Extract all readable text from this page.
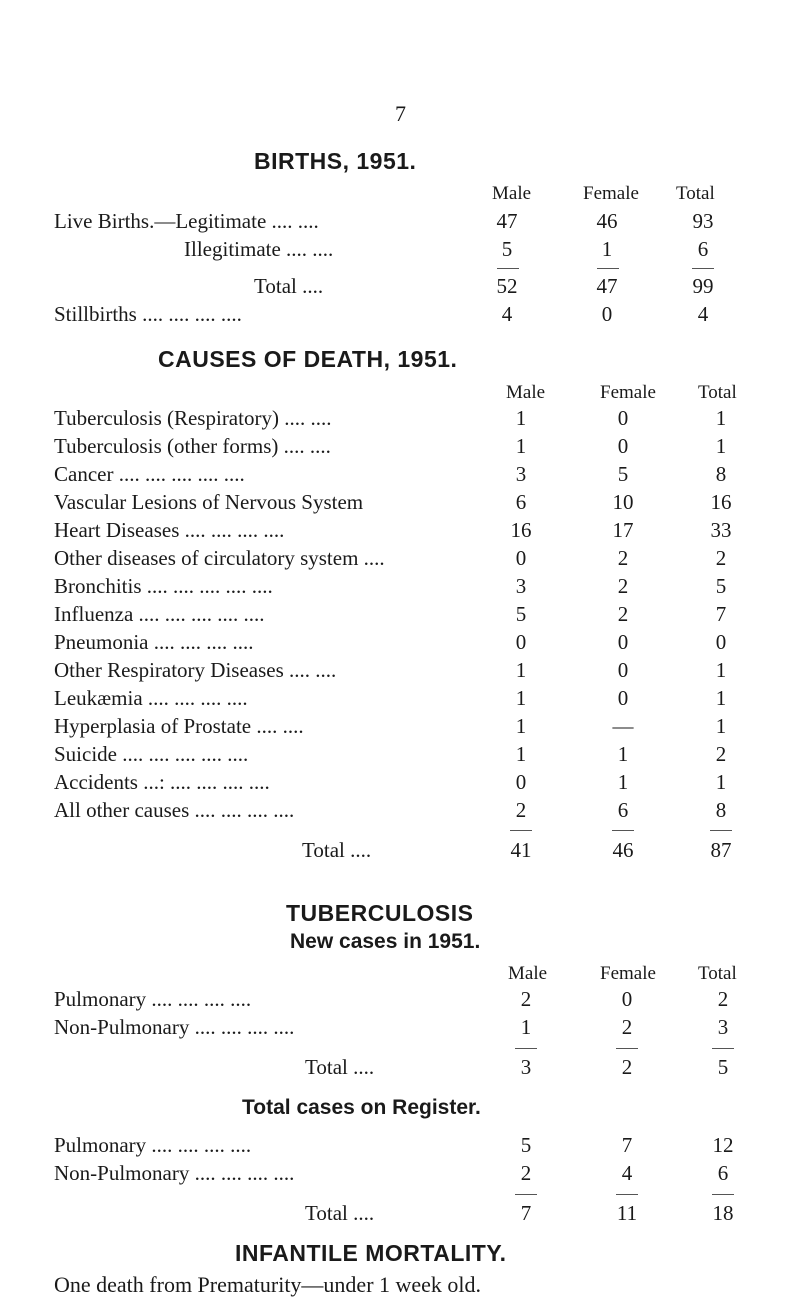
7
BIRTHS, 1951.
Male	Female Total
Live Births.—Legitimate .... ....	47	46	93
Illegitimate .... ....	5	1	6
Total ....	52	47	99
Stillbirths .... .... .... ....	4	0	4
CAUSES OF DEATH, 1951.
Male	Female Total
Tuberculosis (Respiratory) .... ....	1	0	1
Tuberculosis (other forms) .... ....	1	0	1
Cancer .... .... .... .... ....	3	5	8
Vascular Lesions of Nervous System	6	10	16
Heart Diseases .... .... .... ....	16	17	33
Other diseases of circulatory system ....	0	2	2
Bronchitis .... .... .... .... ....	3	2	5
Influenza .... .... .... .... ....	5	2	7
Pneumonia .... .... .... ....	0	0	0
Other Respiratory Diseases .... ....	1	0	1
Leukæmia .... .... .... ....	1	0	1
Hyperplasia of Prostate .... ....	1	—	1
Suicide .... .... .... .... ....	1	1	2
Accidents ...: .... .... .... ....	0	1	1
All other causes .... .... .... ....	2	6	8
Total ....	41	46	87
TUBERCULOSIS
New cases in 1951.
Male	Female Total
Pulmonary .... .... .... ....	2	0	2
Non-Pulmonary .... .... .... ....	1	2	3
Total ....	3	2	5
Total cases on Register.
Pulmonary .... .... .... ....	5	7	12
Non-Pulmonary .... .... .... ....	2	4	6
Total ....	7	11	18
INFANTILE MORTALITY.
One death from Prematurity—under 1 week old.
